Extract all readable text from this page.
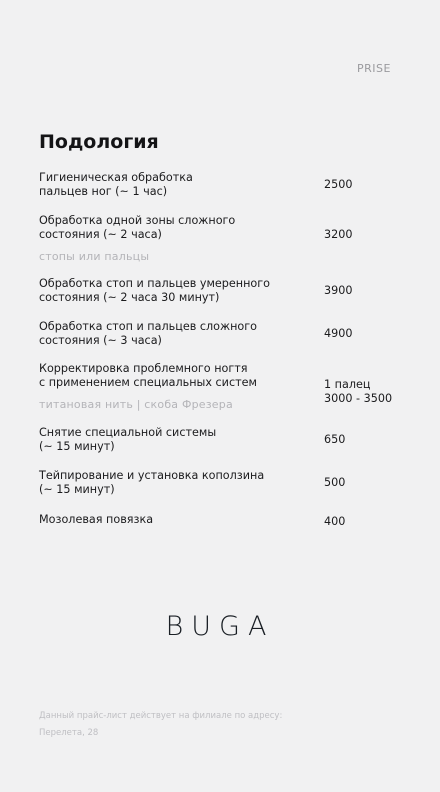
PRISE
Подология
Гигиеническая обработка
пальцев ног (~ 1 час)
2500
Обработка одной зоны сложного
состояния (~ 2 часа)
стопы или пальцы
3200
Обработка стоп и пальцев умеренного
состояния (~ 2 часа 30 минут)
3900
Обработка стоп и пальцев сложного
состояния (~ 3 часа)
4900
Корректировка проблемного ногтя
с применением специальных систем
титановая нить | скоба Фрезера
1 палец
3000 - 3500
Снятие специальной системы
(~ 15 минут)
650
Тейпирование и установка коползина
(~ 15 минут)
500
Мозолевая повязка	400
BUGA
Данный прайс-лист действует на филиале по адресу:
Перелета, 28
